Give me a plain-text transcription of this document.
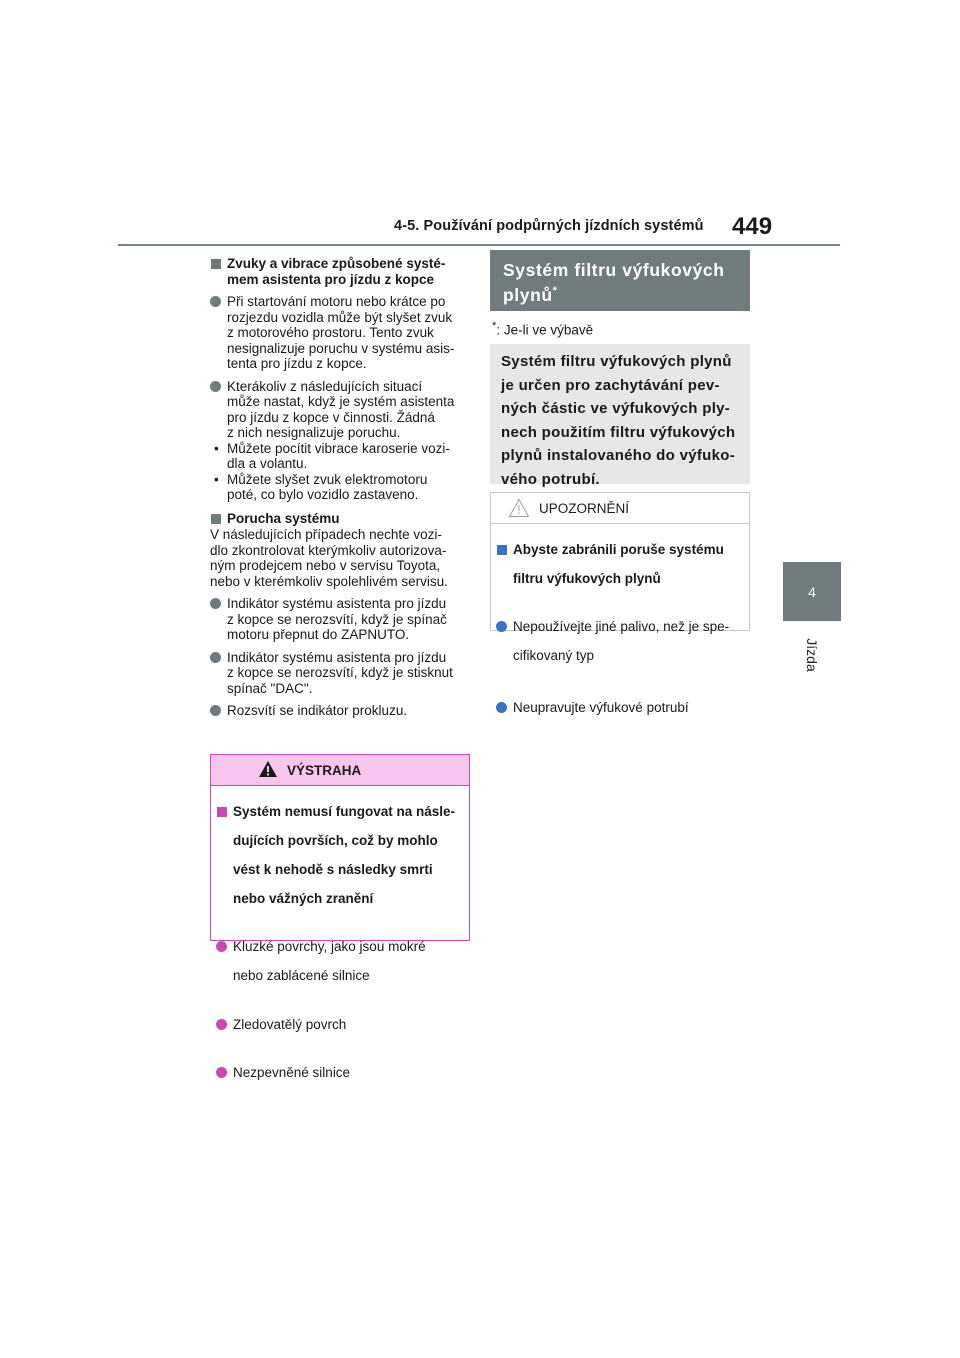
4-5. Používání podpůrných jízdních systémů 449
4
Jízda

Zvuky a vibrace způsobené systé-

mem asistenta pro jízdu z kopce

Při startování motoru nebo krátce po

rozjezdu vozidla může být slyšet zvuk

z motorového prostoru. Tento zvuk

nesignalizuje poruchu v systému asis-

tenta pro jízdu z kopce.

Kterákoliv z následujících situací

může nastat, když je systém asistenta

pro jízdu z kopce v činnosti. Žádná

z nich nesignalizuje poruchu.

• Můžete pocítit vibrace karoserie vozi-

dla a volantu.

• Můžete slyšet zvuk elektromotoru

poté, co bylo vozidlo zastaveno.

Porucha systému

V následujících případech nechte vozi-

dlo zkontrolovat kterýmkoliv autorizova-

ným prodejcem nebo v servisu Toyota,

nebo v kterémkoliv spolehlivém servisu.

Indikátor systému asistenta pro jízdu

z kopce se nerozsvítí, když je spínač

motoru přepnut do ZAPNUTO.

Indikátor systému asistenta pro jízdu

z kopce se nerozsvítí, když je stisknut

spínač "DAC".

Rozsvítí se indikátor prokluzu.

VÝSTRAHA

Systém nemusí fungovat na násle-

dujících površích, což by mohlo

vést k nehodě s následky smrti

nebo vážných zranění

Kluzké povrchy, jako jsou mokré

nebo zablácené silnice

Zledovatělý povrch

Nezpevněné silnice

Systém filtru výfukových
plynů*
*: Je-li ve výbavě
Systém filtru výfukových plynů
je určen pro zachytávání pev-
ných částic ve výfukových ply-
nech použitím filtru výfukových
plynů instalovaného do výfuko-
vého potrubí.
UPOZORNĚNÍ

Abyste zabránili poruše systému

filtru výfukových plynů

Nepoužívejte jiné palivo, než je spe-

cifikovaný typ

Neupravujte výfukové potrubí
